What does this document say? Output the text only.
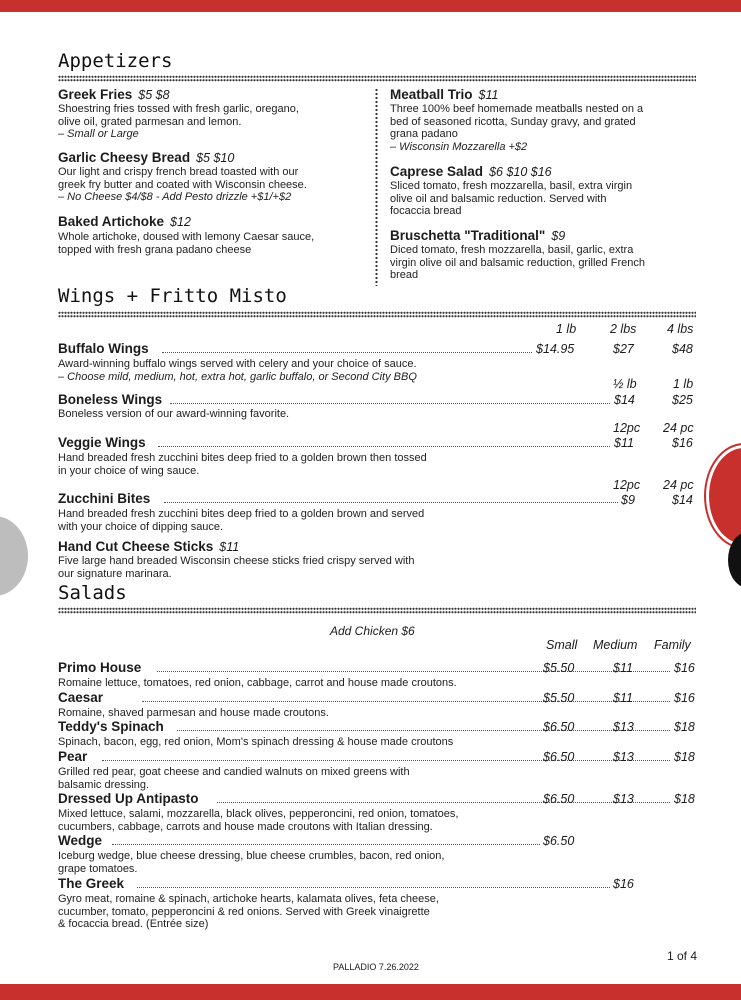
Appetizers
Greek Fries $5 $8
Shoestring fries tossed with fresh garlic, oregano,
olive oil, grated parmesan and lemon.
– Small or Large
Garlic Cheesy Bread $5 $10
Our light and crispy french bread toasted with our
greek fry butter and coated with Wisconsin cheese.
– No Cheese $4/$8 - Add Pesto drizzle +$1/+$2
Baked Artichoke $12
Whole artichoke, doused with lemony Caesar sauce,
topped with fresh grana padano cheese
Meatball Trio $11
Three 100% beef homemade meatballs nested on a
bed of seasoned ricotta, Sunday gravy, and grated
grana padano
– Wisconsin Mozzarella +$2
Caprese Salad $6 $10 $16
Sliced tomato, fresh mozzarella, basil, extra virgin
olive oil and balsamic reduction. Served with
focaccia bread
Bruschetta "Traditional" $9
Diced tomato, fresh mozzarella, basil, garlic, extra
virgin olive oil and balsamic reduction, grilled French
bread
Wings + Fritto Misto
1 lb	2 lbs 4 lbs
Buffalo Wings	$14.95	$27	$48
Award-winning buffalo wings served with celery and your choice of sauce.
– Choose mild, medium, hot, extra hot, garlic buffalo, or Second City BBQ
½ lb	1 lb
Boneless Wings	$14	$25
Boneless version of our award-winning favorite.
12pc 24 pc
Veggie Wings	$11	$16
Hand breaded fresh zucchini bites deep fried to a golden brown then tossed
in your choice of wing sauce.
12pc 24 pc
Zucchini Bites	$9	$14
Hand breaded fresh zucchini bites deep fried to a golden brown and served
with your choice of dipping sauce.
Hand Cut Cheese Sticks $11
Five large hand breaded Wisconsin cheese sticks fried crispy served with
our signature marinara.
Salads
Add Chicken $6
Small Medium Family
Primo House	$5.50	$11	$16
Romaine lettuce, tomatoes, red onion, cabbage, carrot and house made croutons.
Caesar	$5.50	$11	$16
Romaine, shaved parmesan and house made croutons.
Teddy's Spinach	$6.50	$13	$18
Spinach, bacon, egg, red onion, Mom's spinach dressing & house made croutons
Pear	$6.50	$13	$18
Grilled red pear, goat cheese and candied walnuts on mixed greens with
balsamic dressing.
Dressed Up Antipasto	$6.50	$13	$18
Mixed lettuce, salami, mozzarella, black olives, pepperoncini, red onion, tomatoes,
cucumbers, cabbage, carrots and house made croutons with Italian dressing.
Wedge	$6.50
Iceburg wedge, blue cheese dressing, blue cheese crumbles, bacon, red onion,
grape tomatoes.
The Greek	$16
Gyro meat, romaine & spinach, artichoke hearts, kalamata olives, feta cheese,
cucumber, tomato, pepperoncini & red onions. Served with Greek vinaigrette
& focaccia bread. (Entrée size)
PALLADIO 7.26.2022
1 of 4
